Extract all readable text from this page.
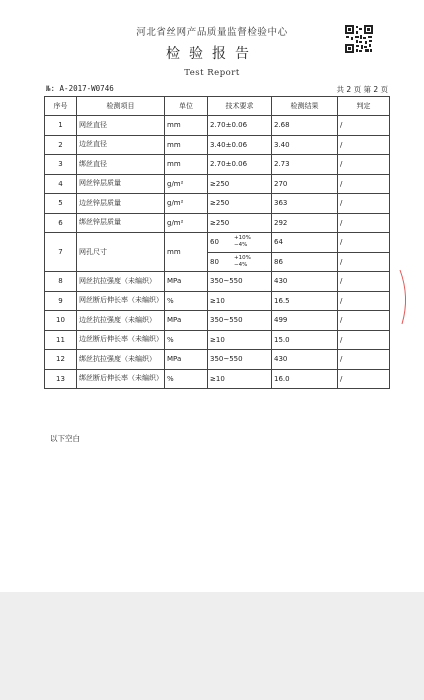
河北省丝网产品质量监督检验中心
检验报告
Test Report
№: A-2017-W0746	共 2 页 第 2 页
序号	检测项目	单位	技术要求	检测结果	判定
1	网丝直径	mm	2.70±0.06	2.68	/
2	边丝直径	mm	3.40±0.06	3.40	/
3	绑丝直径	mm	2.70±0.06	2.73	/
4	网丝锌层质量	g/m²	≥250	270	/
5	边丝锌层质量	g/m²	≥250	363	/
6	绑丝锌层质量	g/m²	≥250	292	/
7	网孔尺寸	mm	60 +10%
−4%	64	/

			80 +10%
−4%	86	/
8	网丝抗拉强度（未编织）	MPa	350~550	430	/
9	网丝断后伸长率（未编织）	%	≥10	16.5	/
10	边丝抗拉强度（未编织）	MPa	350~550	499	/
11	边丝断后伸长率（未编织）	%	≥10	15.0	/
12	绑丝抗拉强度（未编织）	MPa	350~550	430	/
13	绑丝断后伸长率（未编织）	%	≥10	16.0	/
以下空白
